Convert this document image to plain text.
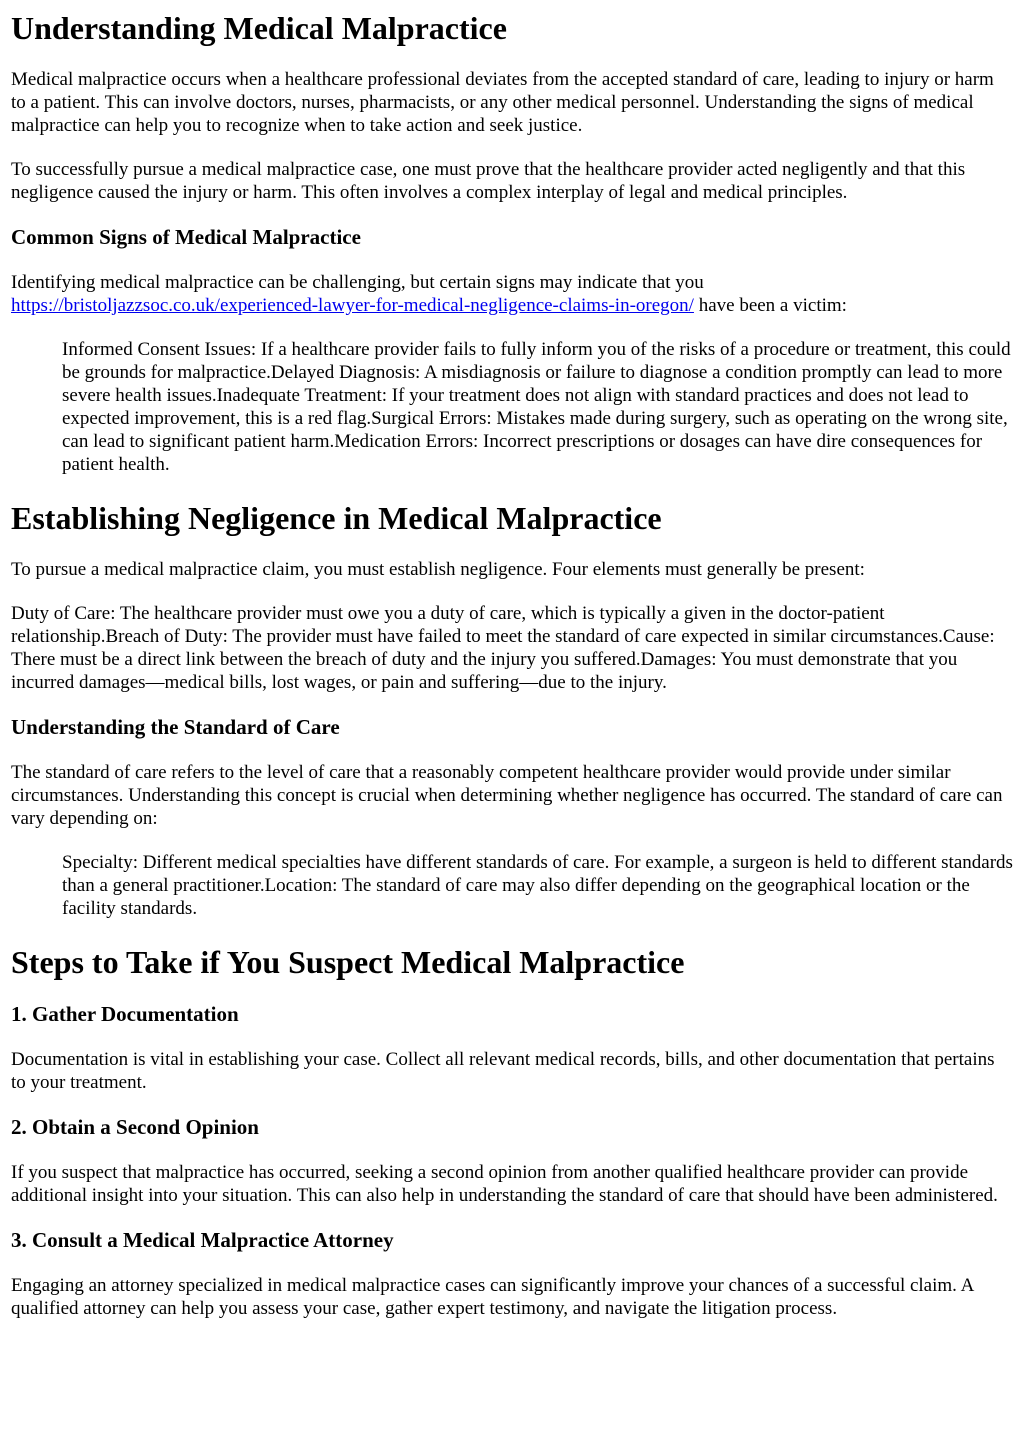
Understanding Medical Malpractice

Medical malpractice occurs when a healthcare professional deviates from the accepted standard of care, leading to injury or harm to a patient. This can involve doctors, nurses, pharmacists, or any other medical personnel. Understanding the signs of medical malpractice can help you to recognize when to take action and seek justice.

To successfully pursue a medical malpractice case, one must prove that the healthcare provider acted negligently and that this negligence caused the injury or harm. This often involves a complex interplay of legal and medical principles.

Common Signs of Medical Malpractice

Identifying medical malpractice can be challenging, but certain signs may indicate that you
https://bristoljazzsoc.co.uk/experienced-lawyer-for-medical-negligence-claims-in-oregon/ have been a victim:

Informed Consent Issues: If a healthcare provider fails to fully inform you of the risks of a procedure or treatment, this could be grounds for malpractice.Delayed Diagnosis: A misdiagnosis or failure to diagnose a condition promptly can lead to more severe health issues.Inadequate Treatment: If your treatment does not align with standard practices and does not lead to expected improvement, this is a red flag.Surgical Errors: Mistakes made during surgery, such as operating on the wrong site, can lead to significant patient harm.Medication Errors: Incorrect prescriptions or dosages can have dire consequences for patient health.
Establishing Negligence in Medical Malpractice

To pursue a medical malpractice claim, you must establish negligence. Four elements must generally be present:

Duty of Care: The healthcare provider must owe you a duty of care, which is typically a given in the doctor-patient relationship.Breach of Duty: The provider must have failed to meet the standard of care expected in similar circumstances.Cause: There must be a direct link between the breach of duty and the injury you suffered.Damages: You must demonstrate that you incurred damages—medical bills, lost wages, or pain and suffering—due to the injury.

Understanding the Standard of Care

The standard of care refers to the level of care that a reasonably competent healthcare provider would provide under similar circumstances. Understanding this concept is crucial when determining whether negligence has occurred. The standard of care can vary depending on:

Specialty: Different medical specialties have different standards of care. For example, a surgeon is held to different standards than a general practitioner.Location: The standard of care may also differ depending on the geographical location or the facility standards.
Steps to Take if You Suspect Medical Malpractice
1. Gather Documentation

Documentation is vital in establishing your case. Collect all relevant medical records, bills, and other documentation that pertains to your treatment.

2. Obtain a Second Opinion

If you suspect that malpractice has occurred, seeking a second opinion from another qualified healthcare provider can provide additional insight into your situation. This can also help in understanding the standard of care that should have been administered.

3. Consult a Medical Malpractice Attorney

Engaging an attorney specialized in medical malpractice cases can significantly improve your chances of a successful claim. A qualified attorney can help you assess your case, gather expert testimony, and navigate the litigation process.
